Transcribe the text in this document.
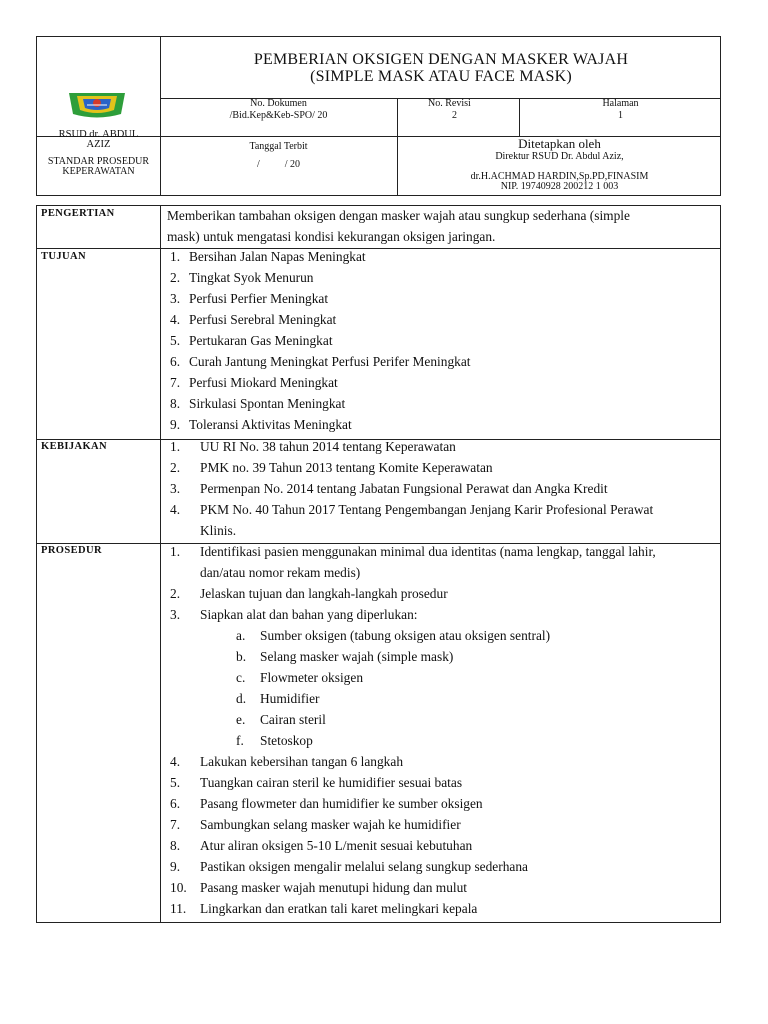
RSUD dr. ABDUL
AZIZ
STANDAR PROSEDUR
KEPERAWATAN
PEMBERIAN OKSIGEN DENGAN MASKER WAJAH
(SIMPLE MASK ATAU FACE MASK)
No. Dokumen
/Bid.Kep&Keb-SPO/ 20
No. Revisi
2
Halaman
1
Tanggal Terbit
/          / 20
Ditetapkan oleh
Direktur RSUD Dr. Abdul Aziz,
dr.H.ACHMAD HARDIN,Sp.PD,FINASIM
NIP. 19740928 200212 1 003
PENGERTIAN	Memberikan tambahan oksigen dengan masker wajah atau sungkup sederhana (simple
mask) untuk mengatasi kondisi kekurangan oksigen jaringan.
TUJUAN	1. Bersihan Jalan Napas Meningkat
2. Tingkat Syok Menurun
3. Perfusi Perfier Meningkat
4. Perfusi Serebral Meningkat
5. Pertukaran Gas Meningkat
6. Curah Jantung Meningkat Perfusi Perifer Meningkat
7. Perfusi Miokard Meningkat
8. Sirkulasi Spontan Meningkat
9. Toleransi Aktivitas Meningkat
KEBIJAKAN	1. UU RI No. 38 tahun 2014 tentang Keperawatan
2. PMK no. 39 Tahun 2013 tentang Komite Keperawatan
3. Permenpan No. 2014 tentang Jabatan Fungsional Perawat dan Angka Kredit
4. PKM No. 40 Tahun 2017 Tentang Pengembangan Jenjang Karir Profesional Perawat
Klinis.
PROSEDUR	1. Identifikasi pasien menggunakan minimal dua identitas (nama lengkap, tanggal lahir,
dan/atau nomor rekam medis)
2. Jelaskan tujuan dan langkah-langkah prosedur
3. Siapkan alat dan bahan yang diperlukan:
a. Sumber oksigen (tabung oksigen atau oksigen sentral)
b. Selang masker wajah (simple mask)
c. Flowmeter oksigen
d. Humidifier
e. Cairan steril
f. Stetoskop
4. Lakukan kebersihan tangan 6 langkah
5. Tuangkan cairan steril ke humidifier sesuai batas
6. Pasang flowmeter dan humidifier ke sumber oksigen
7. Sambungkan selang masker wajah ke humidifier
8. Atur aliran oksigen 5-10 L/menit sesuai kebutuhan
9. Pastikan oksigen mengalir melalui selang sungkup sederhana
10. Pasang masker wajah menutupi hidung dan mulut
11. Lingkarkan dan eratkan tali karet melingkari kepala
